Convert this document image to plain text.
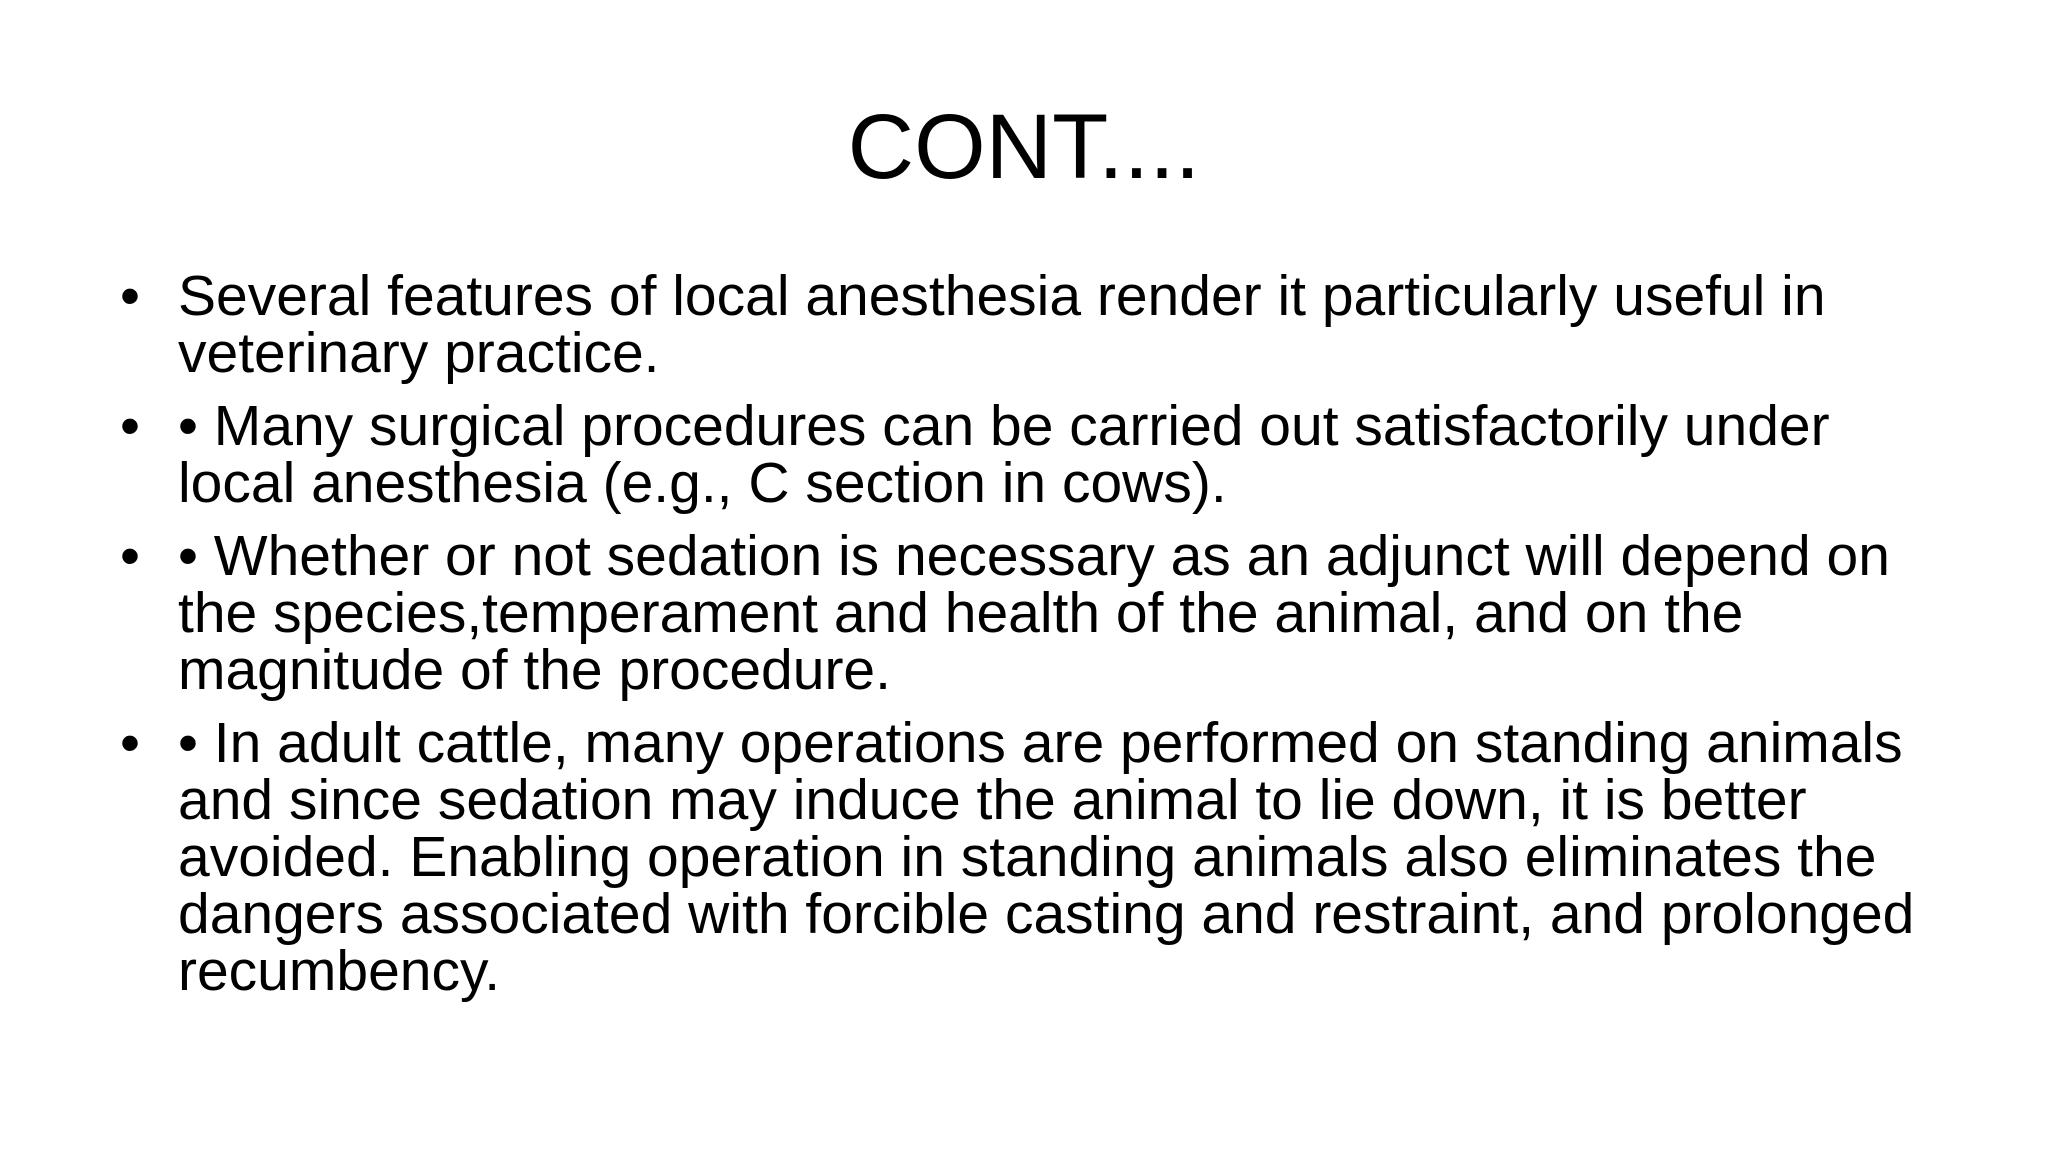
CONT....
• Several features of local anesthesia render it particularly useful in veterinary practice.
• • Many surgical procedures can be carried out satisfactorily under local anesthesia (e.g., C section in cows).
• • Whether or not sedation is necessary as an adjunct will depend on the species,temperament and health of the animal, and on the magnitude of the procedure.
• • In adult cattle, many operations are performed on standing animals and since sedation may induce the animal to lie down, it is better avoided. Enabling operation in standing animals also eliminates the dangers associated with forcible casting and restraint, and prolonged recumbency.
